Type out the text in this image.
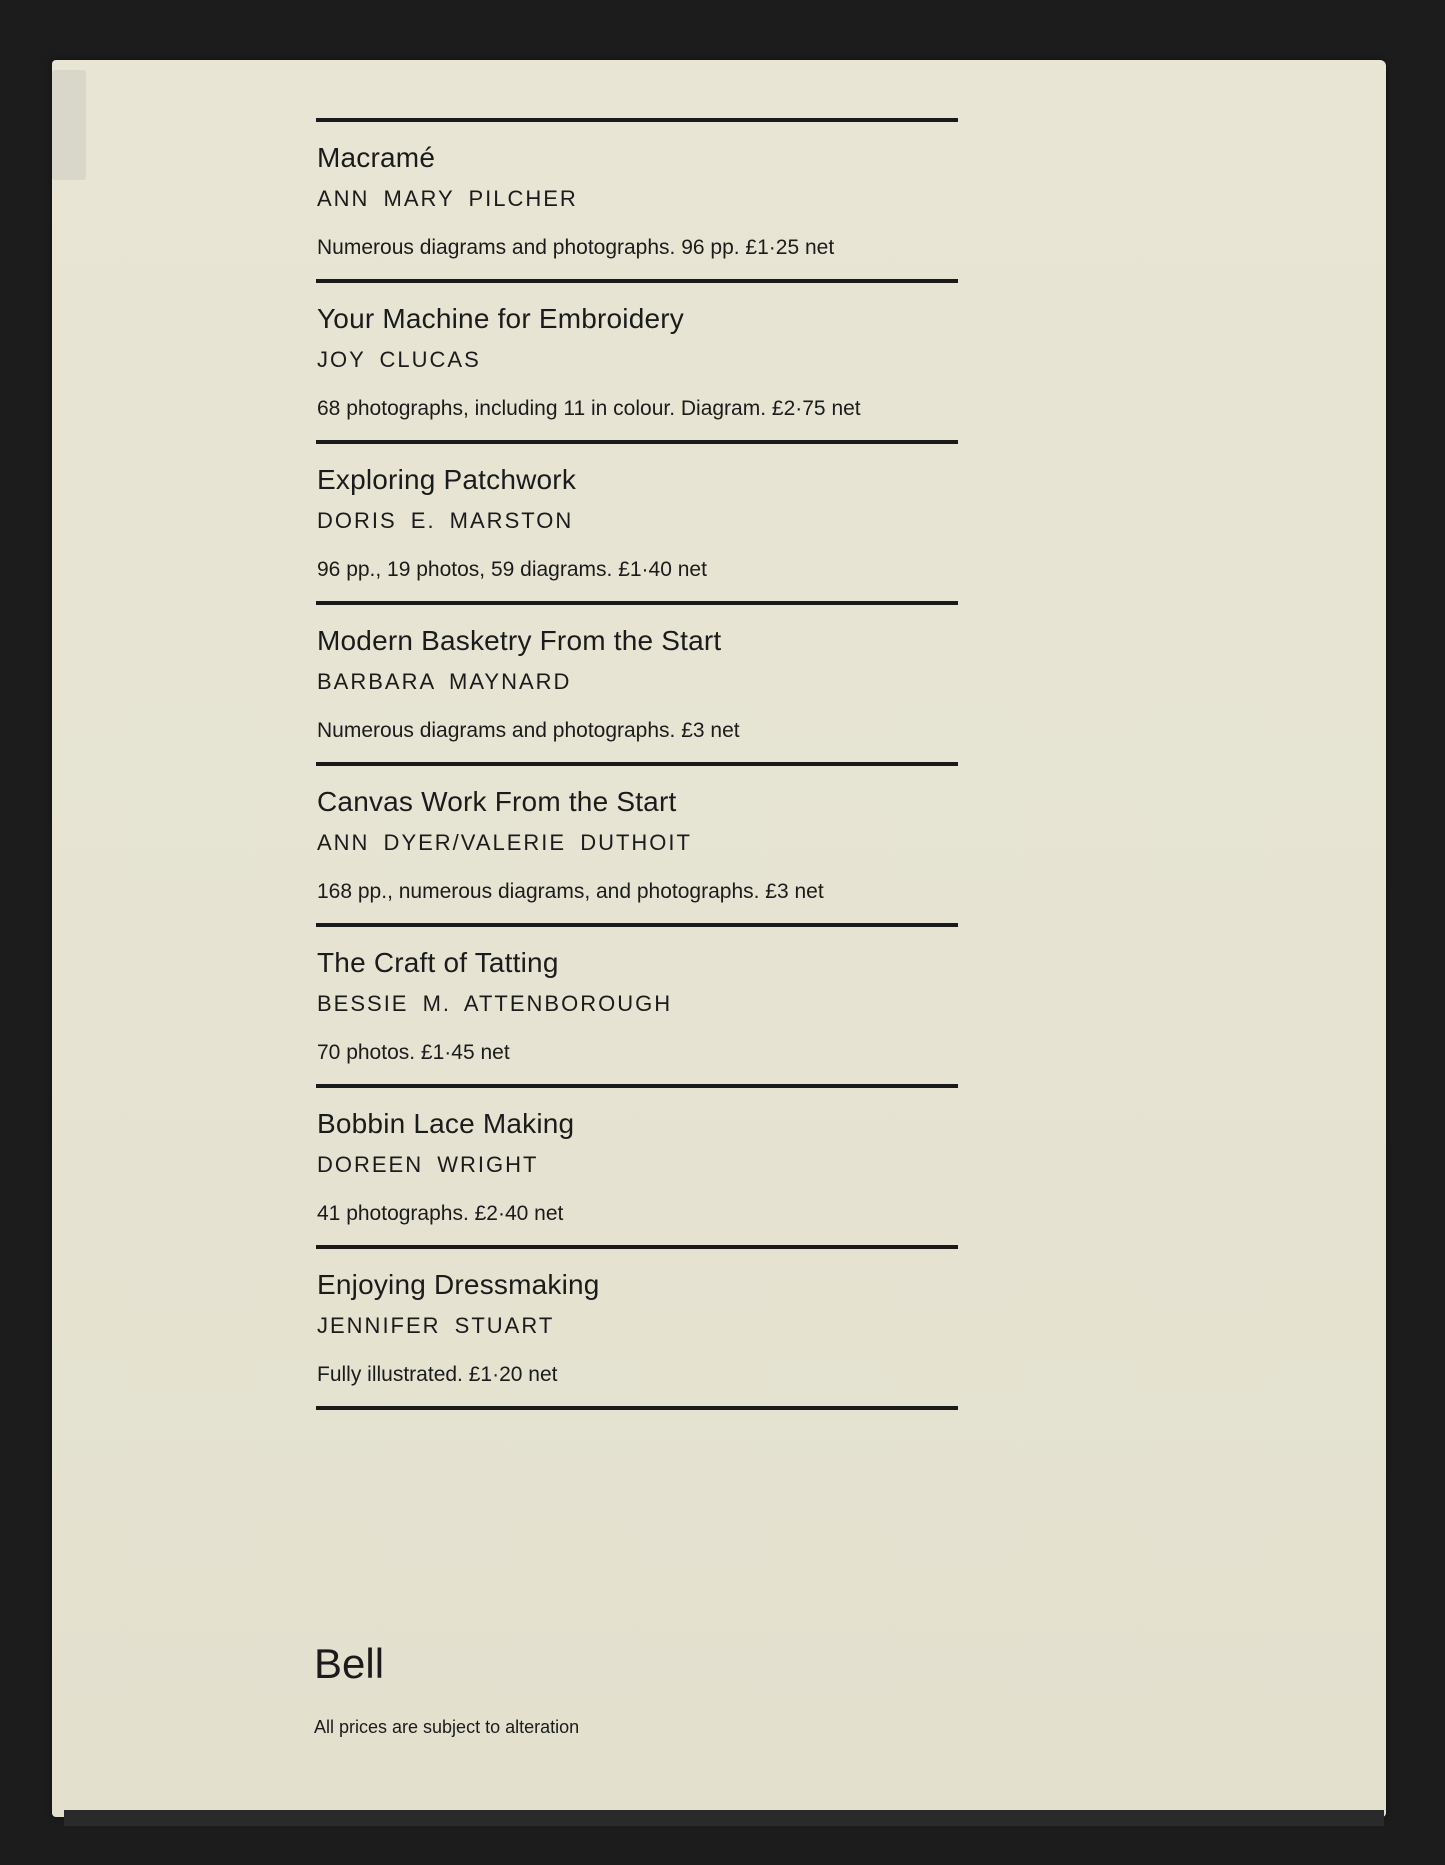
Macramé
ANN MARY PILCHER
Numerous diagrams and photographs. 96 pp. £1·25 net
Your Machine for Embroidery
JOY CLUCAS
68 photographs, including 11 in colour. Diagram. £2·75 net
Exploring Patchwork
DORIS E. MARSTON
96 pp., 19 photos, 59 diagrams. £1·40 net
Modern Basketry From the Start
BARBARA MAYNARD
Numerous diagrams and photographs. £3 net
Canvas Work From the Start
ANN DYER/VALERIE DUTHOIT
168 pp., numerous diagrams, and photographs. £3 net
The Craft of Tatting
BESSIE M. ATTENBOROUGH
70 photos. £1·45 net
Bobbin Lace Making
DOREEN WRIGHT
41 photographs. £2·40 net
Enjoying Dressmaking
JENNIFER STUART
Fully illustrated. £1·20 net
Bell
All prices are subject to alteration
